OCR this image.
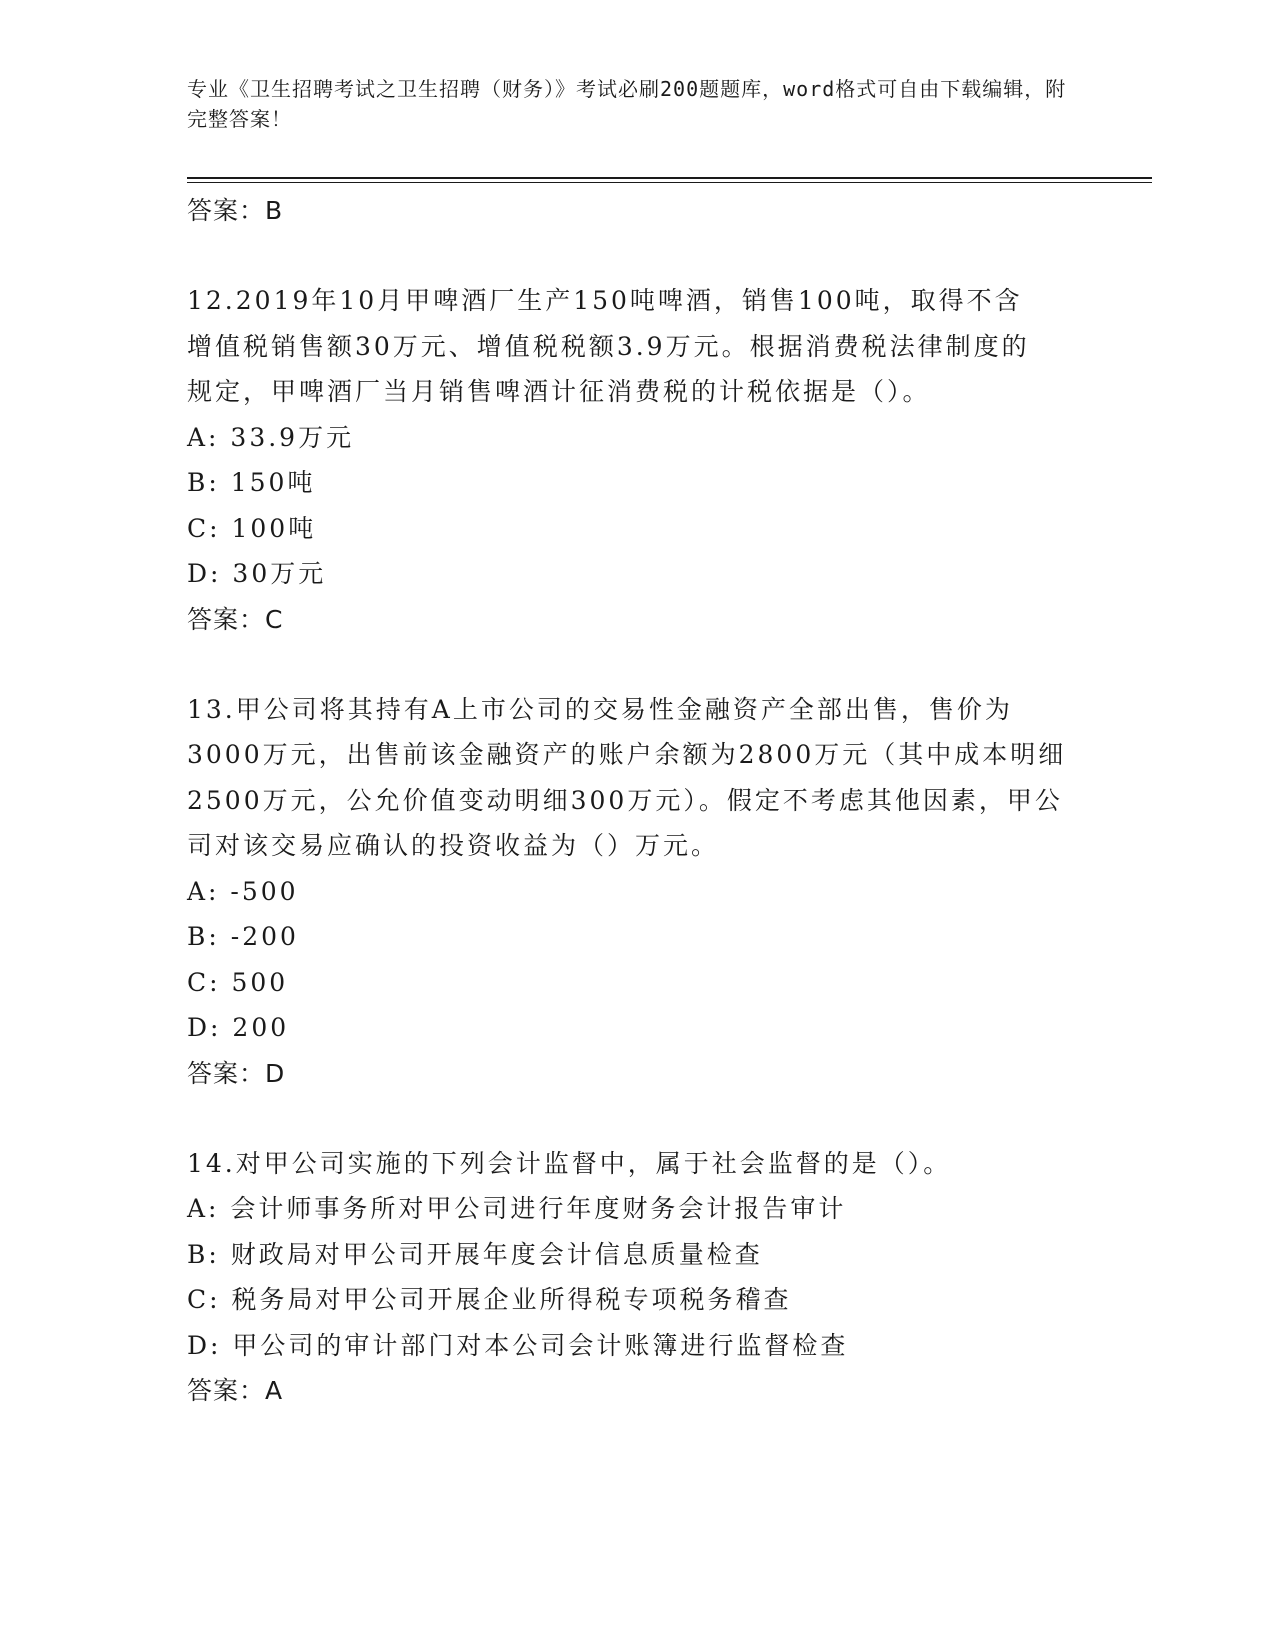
专业《卫生招聘考试之卫生招聘（财务）》考试必刷200题题库，word格式可自由下载编辑，附完整答案！
答案：B
12.2019年10月甲啤酒厂生产150吨啤酒，销售100吨，取得不含增值税销售额30万元、增值税税额3.9万元。根据消费税法律制度的规定，甲啤酒厂当月销售啤酒计征消费税的计税依据是（）。
A: 33.9万元
B: 150吨
C: 100吨
D: 30万元
答案：C
13.甲公司将其持有A上市公司的交易性金融资产全部出售，售价为3000万元，出售前该金融资产的账户余额为2800万元（其中成本明细2500万元，公允价值变动明细300万元）。假定不考虑其他因素，甲公司对该交易应确认的投资收益为（）万元。
A: -500
B: -200
C: 500
D: 200
答案：D
14.对甲公司实施的下列会计监督中，属于社会监督的是（）。
A: 会计师事务所对甲公司进行年度财务会计报告审计
B: 财政局对甲公司开展年度会计信息质量检查
C: 税务局对甲公司开展企业所得税专项税务稽查
D: 甲公司的审计部门对本公司会计账簿进行监督检查
答案：A
